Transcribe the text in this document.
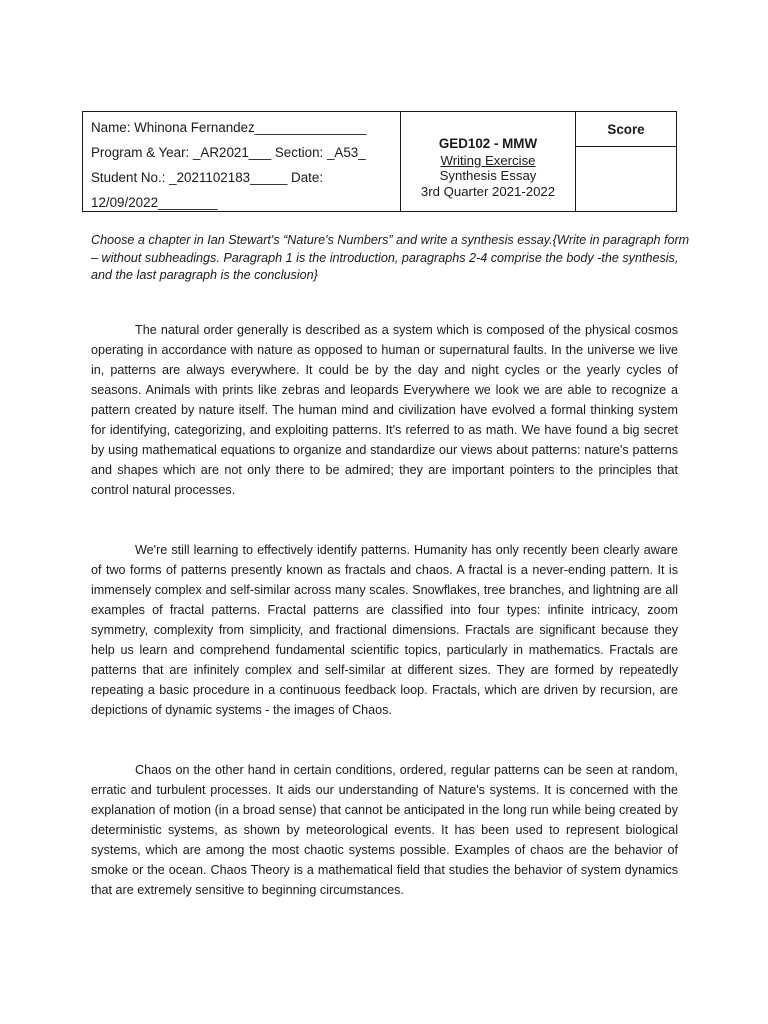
Name: Whinona Fernandez_______________
Program & Year: _AR2021___ Section: _A53_
Student No.: _2021102183_____ Date:
12/09/2022________
GED102 - MMW
Writing Exercise
Synthesis Essay
3rd Quarter 2021-2022
Score
Choose a chapter in Ian Stewart's “Nature's Numbers” and write a synthesis essay.{Write in paragraph form – without subheadings. Paragraph 1 is the introduction, paragraphs 2-4 comprise the body -the synthesis, and the last paragraph is the conclusion}
The natural order generally is described as a system which is composed of the physical cosmos operating in accordance with nature as opposed to human or supernatural faults. In the universe we live in, patterns are always everywhere. It could be by the day and night cycles or the yearly cycles of seasons. Animals with prints like zebras and leopards Everywhere we look we are able to recognize a pattern created by nature itself. The human mind and civilization have evolved a formal thinking system for identifying, categorizing, and exploiting patterns. It's referred to as math. We have found a big secret by using mathematical equations to organize and standardize our views about patterns: nature's patterns and shapes which are not only there to be admired; they are important pointers to the principles that control natural processes.
We're still learning to effectively identify patterns. Humanity has only recently been clearly aware of two forms of patterns presently known as fractals and chaos. A fractal is a never-ending pattern. It is immensely complex and self-similar across many scales. Snowflakes, tree branches, and lightning are all examples of fractal patterns. Fractal patterns are classified into four types: infinite intricacy, zoom symmetry, complexity from simplicity, and fractional dimensions. Fractals are significant because they help us learn and comprehend fundamental scientific topics, particularly in mathematics. Fractals are patterns that are infinitely complex and self-similar at different sizes. They are formed by repeatedly repeating a basic procedure in a continuous feedback loop. Fractals, which are driven by recursion, are depictions of dynamic systems - the images of Chaos.
Chaos on the other hand in certain conditions, ordered, regular patterns can be seen at random, erratic and turbulent processes. It aids our understanding of Nature's systems. It is concerned with the explanation of motion (in a broad sense) that cannot be anticipated in the long run while being created by deterministic systems, as shown by meteorological events. It has been used to represent biological systems, which are among the most chaotic systems possible. Examples of chaos are the behavior of smoke or the ocean. Chaos Theory is a mathematical field that studies the behavior of system dynamics that are extremely sensitive to beginning circumstances.
